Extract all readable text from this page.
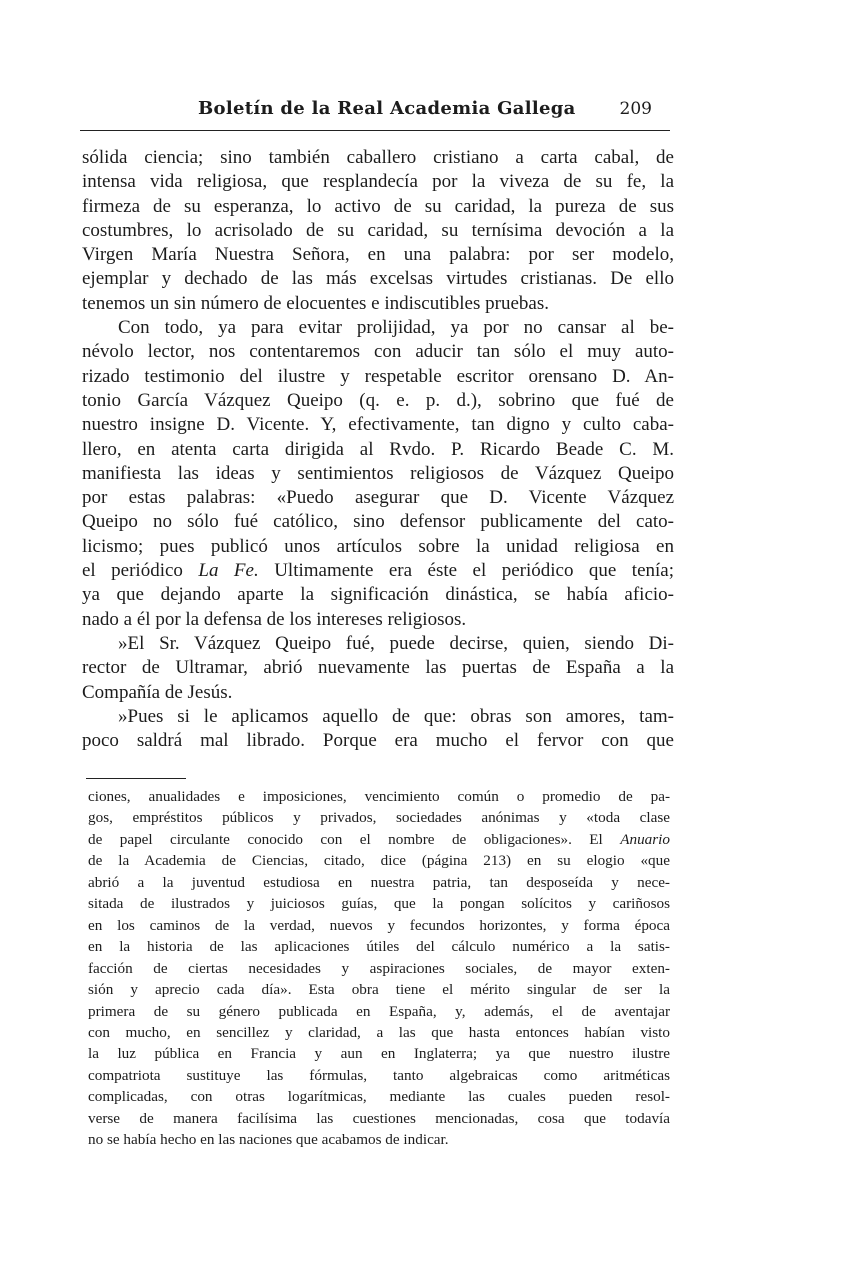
Boletín de la Real Academia Gallega	209
sólida ciencia; sino también caballero cristiano a carta cabal, de
intensa vida religiosa, que resplandecía por la viveza de su fe, la
firmeza de su esperanza, lo activo de su caridad, la pureza de sus
costumbres, lo acrisolado de su caridad, su ternísima devoción a la
Virgen María Nuestra Señora, en una palabra: por ser modelo,
ejemplar y dechado de las más excelsas virtudes cristianas. De ello
tenemos un sin número de elocuentes e indiscutibles pruebas.
Con todo, ya para evitar prolijidad, ya por no cansar al be-
névolo lector, nos contentaremos con aducir tan sólo el muy auto-
rizado testimonio del ilustre y respetable escritor orensano D. An-
tonio García Vázquez Queipo (q. e. p. d.), sobrino que fué de
nuestro insigne D. Vicente. Y, efectivamente, tan digno y culto caba-
llero, en atenta carta dirigida al Rvdo. P. Ricardo Beade C. M.
manifiesta las ideas y sentimientos religiosos de Vázquez Queipo
por estas palabras: «Puedo asegurar que D. Vicente Vázquez
Queipo no sólo fué católico, sino defensor publicamente del cato-
licismo; pues publicó unos artículos sobre la unidad religiosa en
el periódico La Fe. Ultimamente era éste el periódico que tenía;
ya que dejando aparte la significación dinástica, se había aficio-
nado a él por la defensa de los intereses religiosos.
»El Sr. Vázquez Queipo fué, puede decirse, quien, siendo Di-
rector de Ultramar, abrió nuevamente las puertas de España a la
Compañía de Jesús.
»Pues si le aplicamos aquello de que: obras son amores, tam-
poco saldrá mal librado. Porque era mucho el fervor con que
ciones, anualidades e imposiciones, vencimiento común o promedio de pa-
gos, empréstitos públicos y privados, sociedades anónimas y «toda clase
de papel circulante conocido con el nombre de obligaciones». El Anuario
de la Academia de Ciencias, citado, dice (página 213) en su elogio «que
abrió a la juventud estudiosa en nuestra patria, tan desposeída y nece-
sitada de ilustrados y juiciosos guías, que la pongan solícitos y cariñosos
en los caminos de la verdad, nuevos y fecundos horizontes, y forma época
en la historia de las aplicaciones útiles del cálculo numérico a la satis-
facción de ciertas necesidades y aspiraciones sociales, de mayor exten-
sión y aprecio cada día». Esta obra tiene el mérito singular de ser la
primera de su género publicada en España, y, además, el de aventajar
con mucho, en sencillez y claridad, a las que hasta entonces habían visto
la luz pública en Francia y aun en Inglaterra; ya que nuestro ilustre
compatriota sustituye las fórmulas, tanto algebraicas como aritméticas
complicadas, con otras logarítmicas, mediante las cuales pueden resol-
verse de manera facilísima las cuestiones mencionadas, cosa que todavía
no se había hecho en las naciones que acabamos de indicar.
